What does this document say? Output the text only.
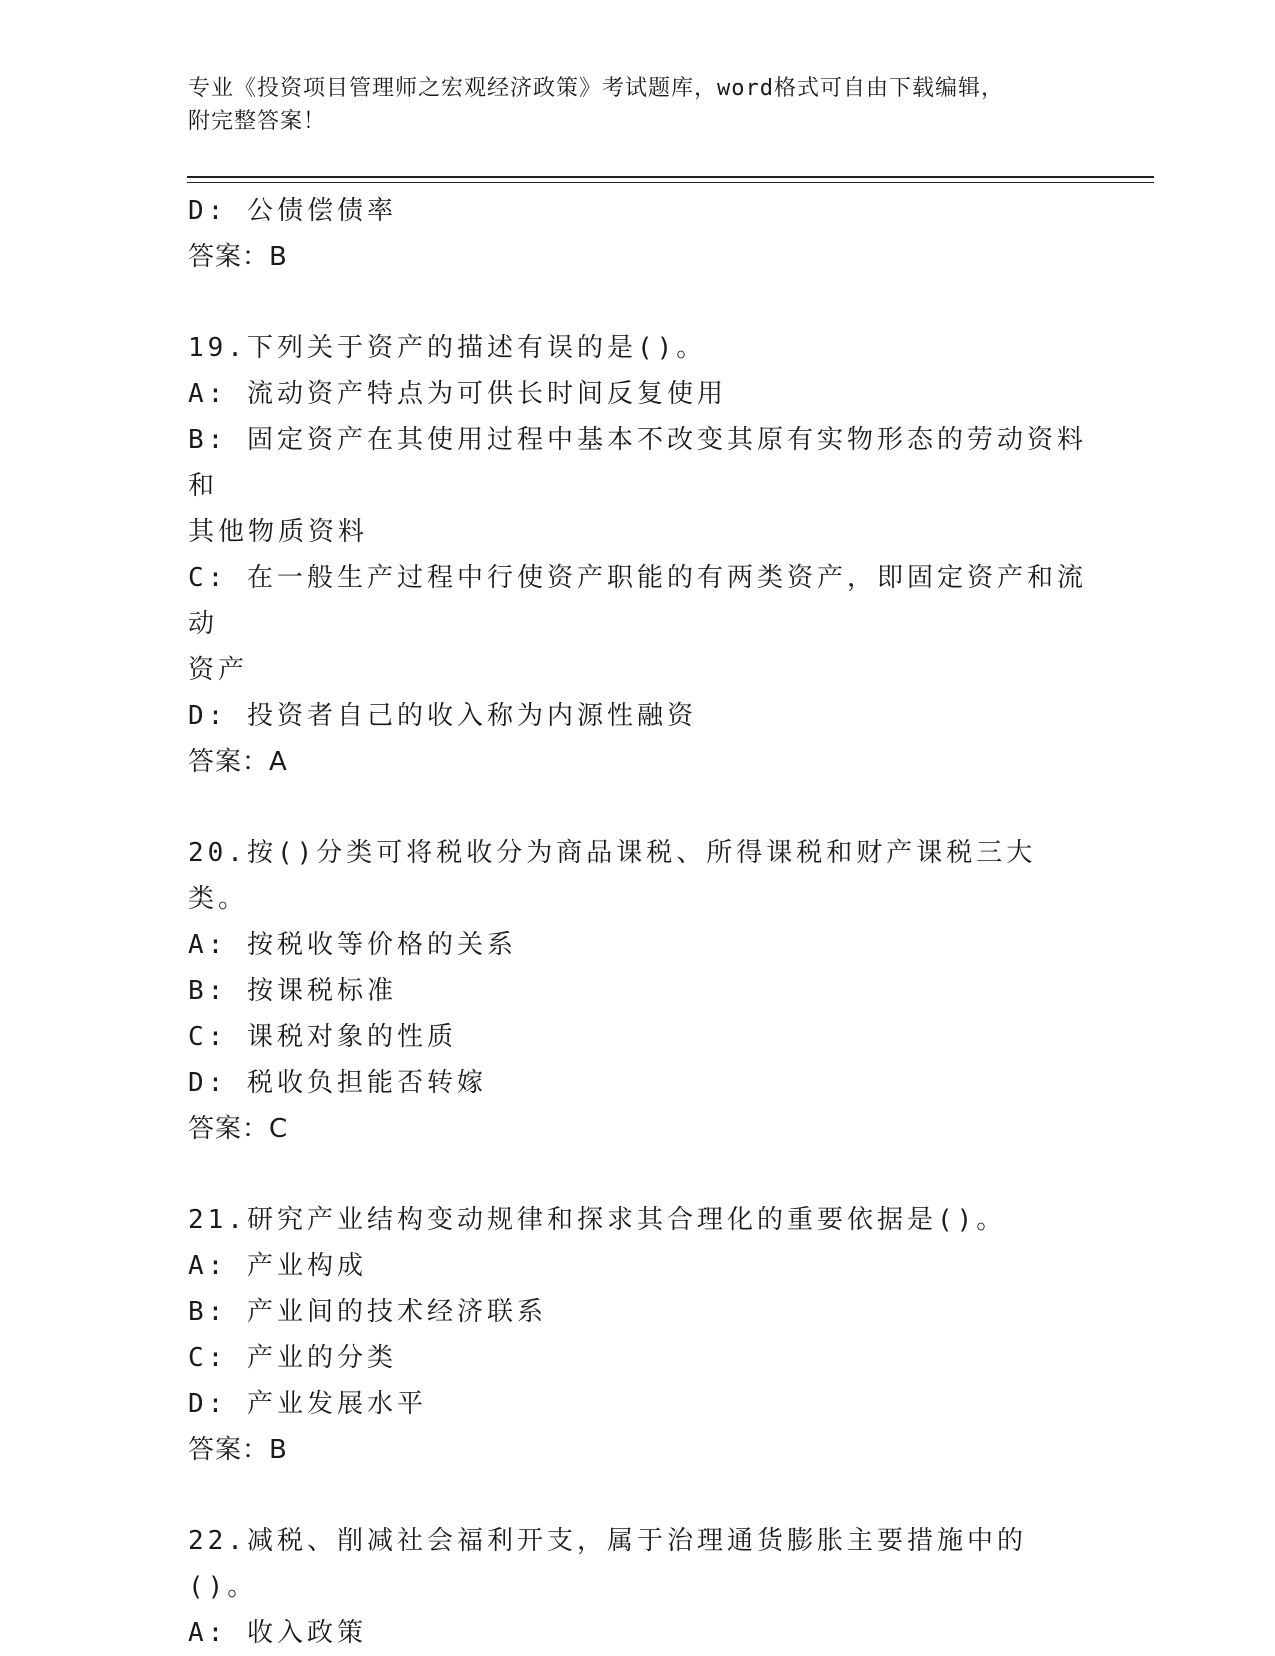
专业《投资项目管理师之宏观经济政策》考试题库，word格式可自由下载编辑，
附完整答案！
D: 公债偿债率
答案：B
19.下列关于资产的描述有误的是()。
A: 流动资产特点为可供长时间反复使用
B: 固定资产在其使用过程中基本不改变其原有实物形态的劳动资料和
其他物质资料
C: 在一般生产过程中行使资产职能的有两类资产，即固定资产和流动
资产
D: 投资者自己的收入称为内源性融资
答案：A
20.按()分类可将税收分为商品课税、所得课税和财产课税三大类。
A: 按税收等价格的关系
B: 按课税标准
C: 课税对象的性质
D: 税收负担能否转嫁
答案：C
21.研究产业结构变动规律和探求其合理化的重要依据是()。
A: 产业构成
B: 产业间的技术经济联系
C: 产业的分类
D: 产业发展水平
答案：B
22.减税、削减社会福利开支，属于治理通货膨胀主要措施中的()。
A: 收入政策
